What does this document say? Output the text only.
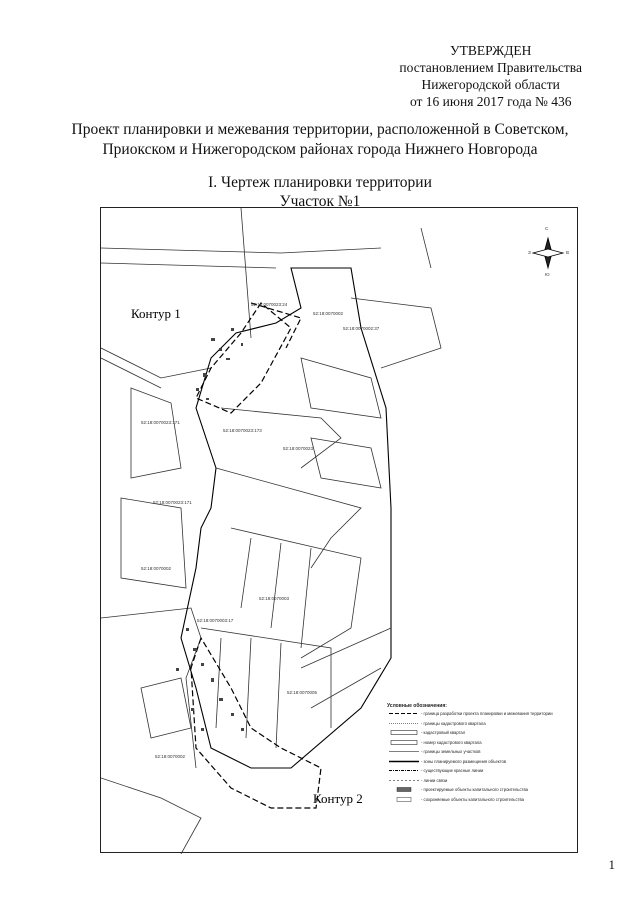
УТВЕРЖДЕН
постановлением Правительства
Нижегородской области
от 16 июня 2017 года № 436
Проект планировки и межевания территории, расположенной в Советском,
Приокском и Нижегородском районах города Нижнего Новгорода
I. Чертеж планировки территории
Участок №1
С
Ю
З	В
Контур 1
Контур 2
52:18:0070023:24
52:18:0070002
52:18:0070002:37
52:18:0070023:171
52:18:0070023:173
52:18:0070023
52:18:0070023:171
52:18:0070002
52:18:0070003
52:18:0070003:17
52:18:0070005
52:18:0070002
Условные обозначения:
- граница разработки проекта планировки и межевания территории
- границы кадастрового квартала
- кадастровый квартал
- номер кадастрового квартала
- границы земельных участков
- зоны планируемого размещения объектов
- существующие красные линии
- линии связи
- проектируемые объекты капитального строительства
- сохраняемые объекты капитального строительства
1
